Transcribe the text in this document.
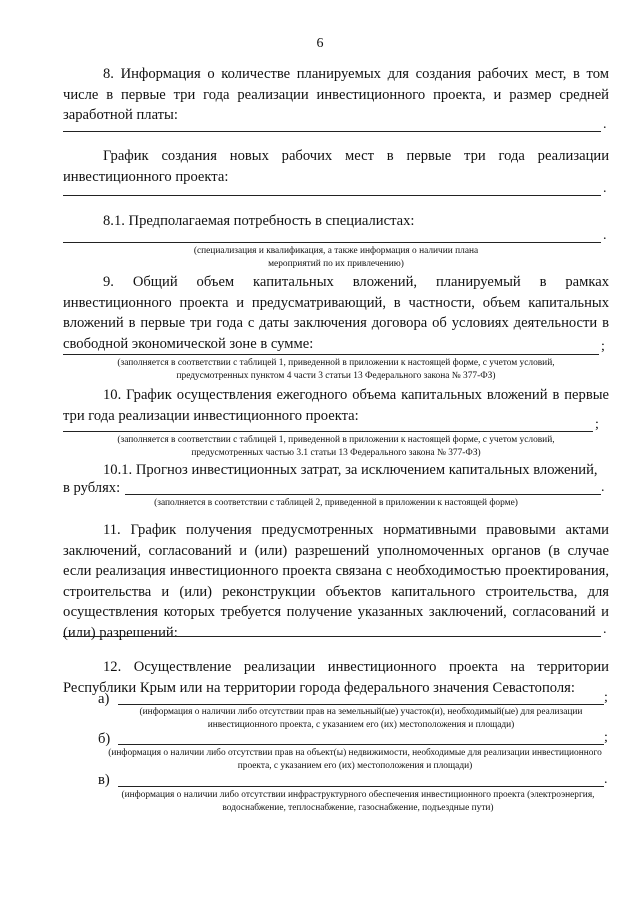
6
8. Информация о количестве планируемых для создания рабочих мест, в том числе в первые три года реализации инвестиционного проекта, и размер средней заработной платы:
.
График создания новых рабочих мест в первые три года реализации инвестиционного проекта:
.
8.1. Предполагаемая потребность в специалистах:
.
(специализация и квалификация, а также информация о наличии плана мероприятий по их привлечению)
9. Общий объем капитальных вложений, планируемый в рамках инвестиционного проекта и предусматривающий, в частности, объем капитальных вложений в первые три года с даты заключения договора об условиях деятельности в свободной экономической зоне в сумме:	;
(заполняется в соответствии с таблицей 1, приведенной в приложении к настоящей форме, с учетом условий, предусмотренных пунктом 4 части 3 статьи 13 Федерального закона № 377-ФЗ)
10. График осуществления ежегодного объема капитальных вложений в первые три года реализации инвестиционного проекта:
;
(заполняется в соответствии с таблицей 1, приведенной в приложении к настоящей форме, с учетом условий, предусмотренных частью 3.1 статьи 13 Федерального закона № 377-ФЗ)
10.1. Прогноз инвестиционных затрат, за исключением капитальных вложений,
в рублях:	.
(заполняется в соответствии с таблицей 2, приведенной в приложении к настоящей форме)
11. График получения предусмотренных нормативными правовыми актами заключений, согласований и (или) разрешений уполномоченных органов (в случае если реализация инвестиционного проекта связана с необходимостью проектирования, строительства и (или) реконструкции объектов капитального строительства, для осуществления которых требуется получение указанных заключений, согласований и (или) разрешений:	.
12. Осуществление реализации инвестиционного проекта на территории Республики Крым или на территории города федерального значения Севастополя:
а)	;
(информация о наличии либо отсутствии прав на земельный(ые) участок(и), необходимый(ые) для реализации инвестиционного проекта, с указанием его (их) местоположения и площади)
б)	;
(информация о наличии либо отсутствии прав на объект(ы) недвижимости, необходимые для реализации инвестиционного проекта, с указанием его (их) местоположения и площади)
в)	.
(информация о наличии либо отсутствии инфраструктурного обеспечения инвестиционного проекта (электроэнергия, водоснабжение, теплоснабжение, газоснабжение, подъездные пути)
